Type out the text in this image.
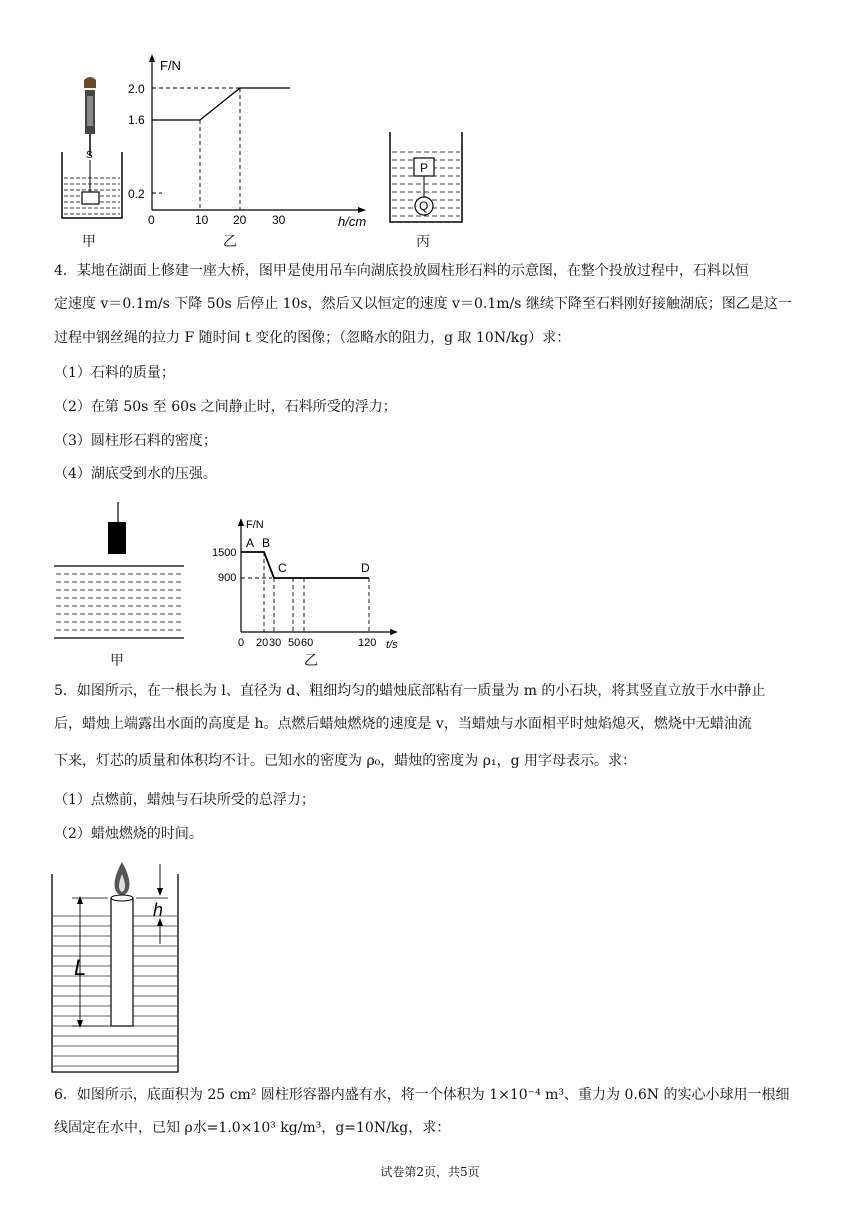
S
甲
F/N
h/cm
2.0
1.6
0.2
0	10 20 30
乙
P
Q
丙
4．某地在湖面上修建一座大桥，图甲是使用吊车向湖底投放圆柱形石料的示意图，在整个投放过程中，石料以恒
定速度 v＝0.1m/s 下降 50s 后停止 10s，然后又以恒定的速度 v＝0.1m/s 继续下降至石料刚好接触湖底；图乙是这一
过程中钢丝绳的拉力 F 随时间 t 变化的图像；（忽略水的阻力，g 取 10N/kg）求：
（1）石料的质量；
（2）在第 50s 至 60s 之间静止时，石料所受的浮力；
（3）圆柱形石料的密度；
（4）湖底受到水的压强。
甲
F/N
t/s
1500
900
0 20 30 50 60	120
A B
C	D
乙
5．如图所示，在一根长为 l、直径为 d、粗细均匀的蜡烛底部粘有一质量为 m 的小石块，将其竖直立放于水中静止
后，蜡烛上端露出水面的高度是 h。点燃后蜡烛燃烧的速度是 v，当蜡烛与水面相平时烛焰熄灭，燃烧中无蜡油流
下来，灯芯的质量和体积均不计。已知水的密度为 ρ₀，蜡烛的密度为 ρ₁，g 用字母表示。求：
（1）点燃前，蜡烛与石块所受的总浮力；
（2）蜡烛燃烧的时间。
L
h
6．如图所示，底面积为 25 cm² 圆柱形容器内盛有水，将一个体积为 1×10⁻⁴ m³、重力为 0.6N 的实心小球用一根细
线固定在水中，已知 ρ水=1.0×10³ kg/m³，g=10N/kg，求：
试卷第2页，共5页
